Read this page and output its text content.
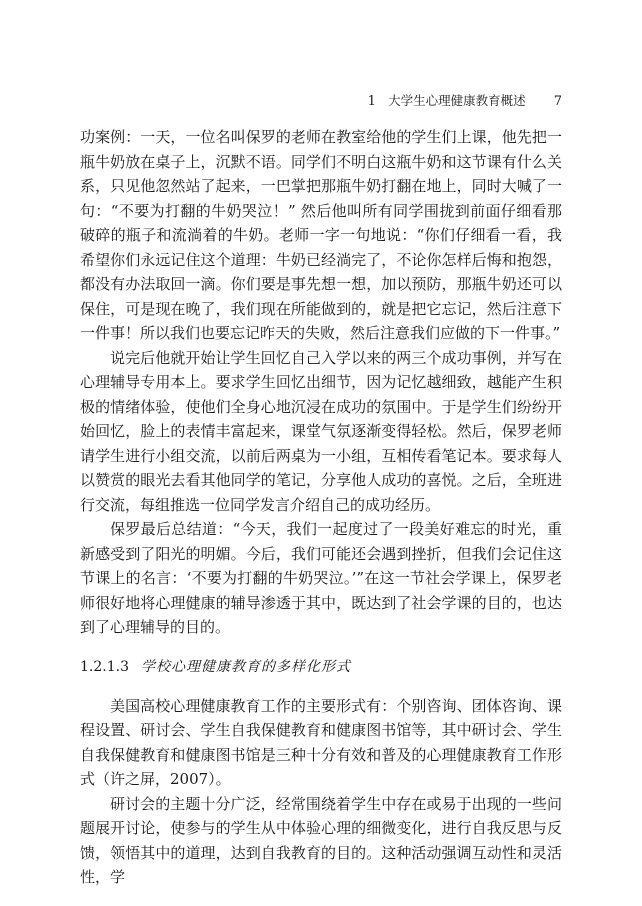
1 大学生心理健康教育概述 7

功案例：一天，一位名叫保罗的老师在教室给他的学生们上课，他先把一瓶牛奶放在桌子上，沉默不语。同学们不明白这瓶牛奶和这节课有什么关系，只见他忽然站了起来，一巴掌把那瓶牛奶打翻在地上，同时大喊了一句：“不要为打翻的牛奶哭泣！” 然后他叫所有同学围拢到前面仔细看那破碎的瓶子和流淌着的牛奶。老师一字一句地说：“你们仔细看一看，我希望你们永远记住这个道理：牛奶已经淌完了，不论你怎样后悔和抱怨，都没有办法取回一滴。你们要是事先想一想，加以预防，那瓶牛奶还可以保住，可是现在晚了，我们现在所能做到的，就是把它忘记，然后注意下一件事！所以我们也要忘记昨天的失败，然后注意我们应做的下一件事。”

说完后他就开始让学生回忆自己入学以来的两三个成功事例，并写在心理辅导专用本上。要求学生回忆出细节，因为记忆越细致，越能产生积极的情绪体验，使他们全身心地沉浸在成功的氛围中。于是学生们纷纷开始回忆，脸上的表情丰富起来，课堂气氛逐渐变得轻松。然后，保罗老师请学生进行小组交流，以前后两桌为一小组，互相传看笔记本。要求每人以赞赏的眼光去看其他同学的笔记，分享他人成功的喜悦。之后，全班进行交流，每组推选一位同学发言介绍自己的成功经历。

保罗最后总结道：“今天，我们一起度过了一段美好难忘的时光，重新感受到了阳光的明媚。今后，我们可能还会遇到挫折，但我们会记住这节课上的名言：‘不要为打翻的牛奶哭泣。’”在这一节社会学课上，保罗老师很好地将心理健康的辅导渗透于其中，既达到了社会学课的目的，也达到了心理辅导的目的。

1.2.1.3 学校心理健康教育的多样化形式

美国高校心理健康教育工作的主要形式有：个别咨询、团体咨询、课程设置、研讨会、学生自我保健教育和健康图书馆等，其中研讨会、学生自我保健教育和健康图书馆是三种十分有效和普及的心理健康教育工作形式（许之屏，2007）。

研讨会的主题十分广泛，经常围绕着学生中存在或易于出现的一些问题展开讨论，使参与的学生从中体验心理的细微变化，进行自我反思与反馈，领悟其中的道理，达到自我教育的目的。这种活动强调互动性和灵活性，学
